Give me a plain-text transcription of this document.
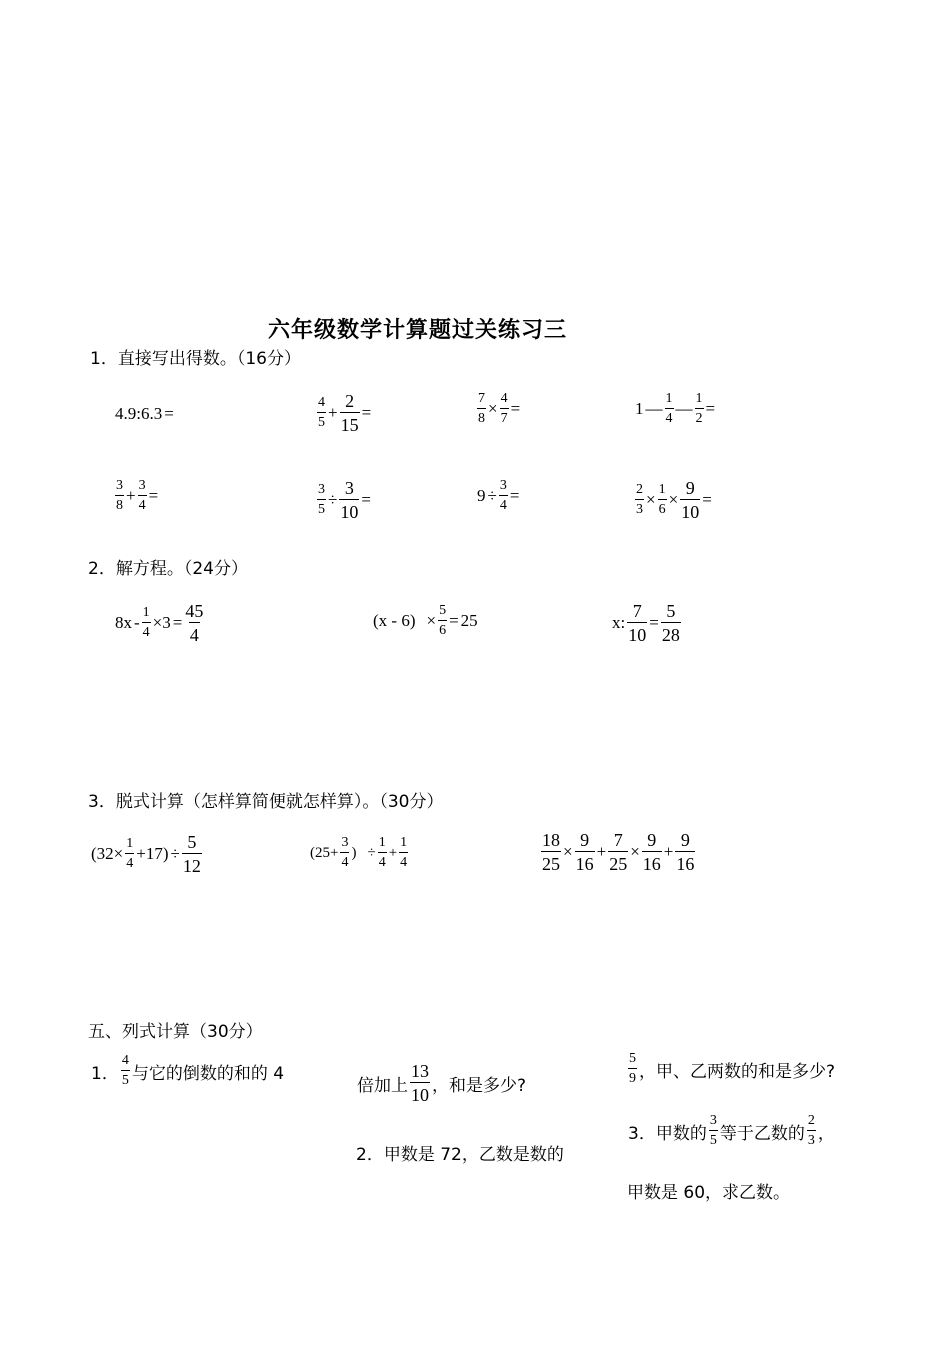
六年级数学计算题过关练习三
1．直接写出得数。（16分）
4.9:6.3 =	$\frac{4}{5} + \frac{2}{15}$ =	$\frac{7}{8} \times \frac{4}{7}$ =	1 — $\frac{1}{4}$ — $\frac{1}{2}$ =
$\frac{3}{8} + \frac{3}{4}$ =	$\frac{3}{5} \div \frac{3}{10}$ =	$9 \div \frac{3}{4}$ =	$\frac{2}{3} \times \frac{1}{6} \times \frac{9}{10}$ =
2．解方程。（24分）
$8x - \frac{1}{4} \times 3 = \frac{45}{4}$	$(x - 6) \times \frac{5}{6} = 25$	x: $\frac{7}{10} = \frac{5}{28}$
3．脱式计算（怎样算简便就怎样算）。（30分）
$(32\times \frac{1}{4} +17) \div \frac{5}{12}$	($25+ \frac{3}{4}$ ) ÷ $\frac{1}{4} + \frac{1}{4}$	$\frac{18}{25} \times \frac{9}{16} + \frac{7}{25} \times \frac{9}{16} + \frac{9}{16}$
五、列式计算（30分）
1． $\frac{4}{5}$ 与它的倒数的和的 4
倍加上 $\frac{13}{10}$ ，和是多少?
2．甲数是 72，乙数是数的
$\frac{5}{9}$ ，甲、乙两数的和是多少?
3．甲数的 $\frac{3}{5}$ 等于乙数的 $\frac{2}{3}$ ，
甲数是 60，求乙数。
